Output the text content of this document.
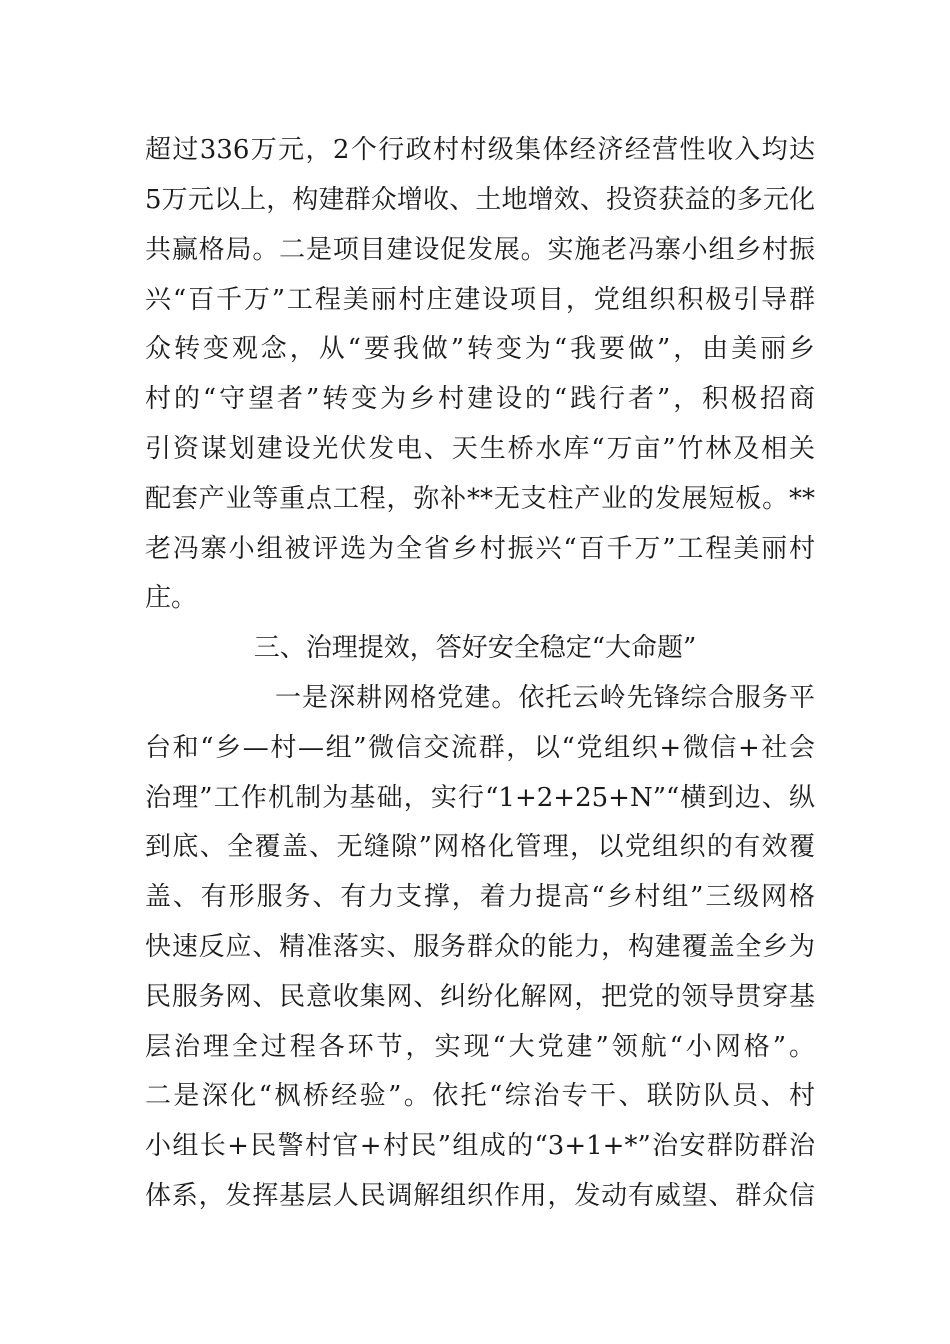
超过336万元，2个行政村村级集体经济经营性收入均达
5万元以上，构建群众增收、土地增效、投资获益的多元化
共赢格局。二是项目建设促发展。实施老冯寨小组乡村振
兴“百千万”工程美丽村庄建设项目，党组织积极引导群
众转变观念，从“要我做”转变为“我要做”，由美丽乡
村的“守望者”转变为乡村建设的“践行者”，积极招商
引资谋划建设光伏发电、天生桥水库“万亩”竹林及相关
配套产业等重点工程，弥补**无支柱产业的发展短板。**
老冯寨小组被评选为全省乡村振兴“百千万”工程美丽村
庄。
三、治理提效，答好安全稳定“大命题”
一是深耕网格党建。依托云岭先锋综合服务平
台和“乡—村—组”微信交流群，以“党组织+微信+社会
治理”工作机制为基础，实行“1+2+25+N”“横到边、纵
到底、全覆盖、无缝隙”网格化管理，以党组织的有效覆
盖、有形服务、有力支撑，着力提高“乡村组”三级网格
快速反应、精准落实、服务群众的能力，构建覆盖全乡为
民服务网、民意收集网、纠纷化解网，把党的领导贯穿基
层治理全过程各环节，实现“大党建”领航“小网格”。
二是深化“枫桥经验”。依托“综治专干、联防队员、村
小组长+民警村官+村民”组成的“3+1+*”治安群防群治
体系，发挥基层人民调解组织作用，发动有威望、群众信
